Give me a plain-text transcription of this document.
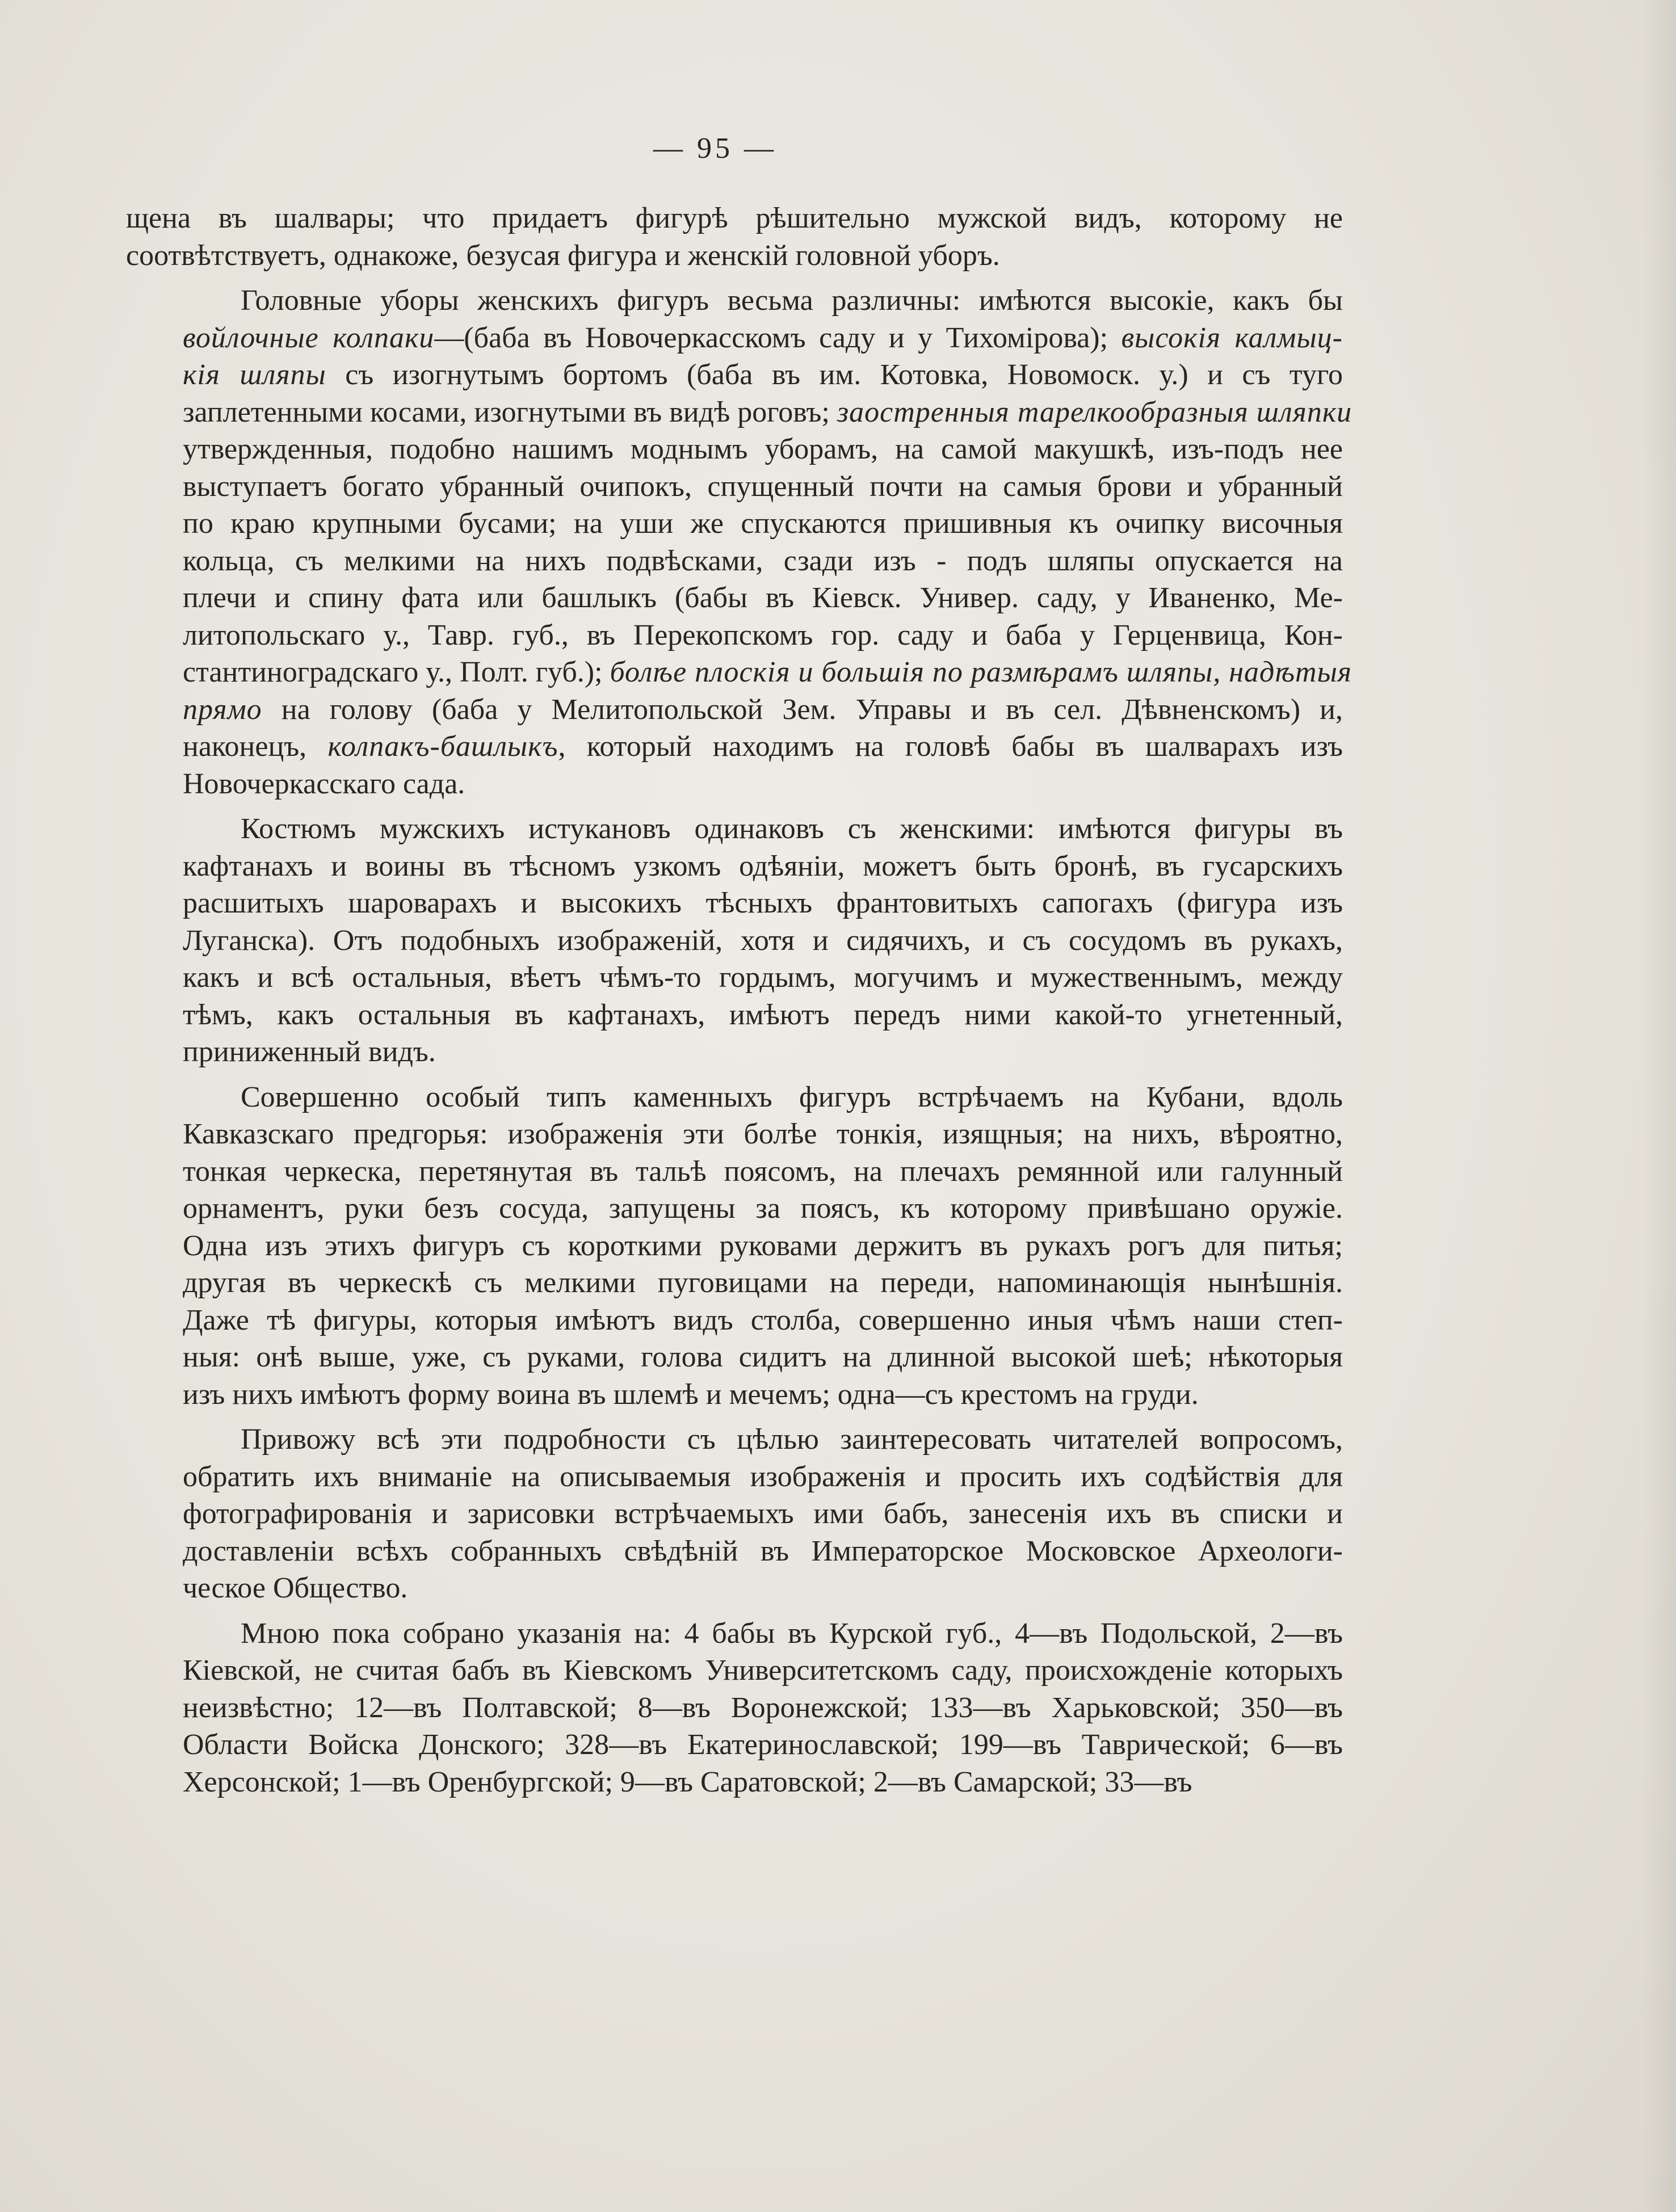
— 95 —
щена въ шалвары; что придаетъ фигурѣ рѣшительно мужской видъ, которому не
соотвѣтствуетъ, однакоже, безусая фигура и женскій головной уборъ.
Головные уборы женскихъ фигуръ весьма различны: имѣются высокіе, какъ бы
войлочные колпаки—(баба въ Новочеркасскомъ саду и у Тихомірова); высокія калмыц-
кія шляпы съ изогнутымъ бортомъ (баба въ им. Котовка, Новомоск. у.) и съ туго
заплетенными косами, изогнутыми въ видѣ роговъ; заостренныя тарелкообразныя шляпки
утвержденныя, подобно нашимъ моднымъ уборамъ, на самой макушкѣ, изъ-подъ нее
выступаетъ богато убранный очипокъ, спущенный почти на самыя брови и убранный
по краю крупными бусами; на уши же спускаются пришивныя къ очипку височныя
кольца, съ мелкими на нихъ подвѣсками, сзади изъ - подъ шляпы опускается на
плечи и спину фата или башлыкъ (бабы въ Кіевск. Унивeр. саду, у Иваненко, Ме-
литопольскаго у., Тавр. губ., въ Перекопскомъ гор. саду и баба у Герценвица, Кон-
стантиноградскаго у., Полт. губ.); болѣе плоскія и большія по размѣрамъ шляпы, надѣтыя
прямо на голову (баба у Мелитопольской Зем. Управы и въ сел. Дѣвненскомъ) и,
наконецъ, колпакъ-башлыкъ, который находимъ на головѣ бабы въ шалварахъ изъ
Новочеркасскаго сада.
Костюмъ мужскихъ истукановъ одинаковъ съ женскими: имѣются фигуры въ
кафтанахъ и воины въ тѣсномъ узкомъ одѣяніи, можетъ быть бронѣ, въ гусарскихъ
расшитыхъ шароварахъ и высокихъ тѣсныхъ франтовитыхъ сапогахъ (фигура изъ
Луганска). Отъ подобныхъ изображеній, хотя и сидячихъ, и съ сосудомъ въ рукахъ,
какъ и всѣ остальныя, вѣетъ чѣмъ-то гордымъ, могучимъ и мужественнымъ, между
тѣмъ, какъ остальныя въ кафтанахъ, имѣютъ передъ ними какой-то угнетенный,
приниженный видъ.
Совершенно особый типъ каменныхъ фигуръ встрѣчаемъ на Кубани, вдоль
Кавказскаго предгорья: изображенія эти болѣе тонкія, изящныя; на нихъ, вѣроятно,
тонкая черкеска, перетянутая въ тальѣ поясомъ, на плечахъ ремянной или галунный
орнаментъ, руки безъ сосуда, запущены за поясъ, къ которому привѣшано оружіе.
Одна изъ этихъ фигуръ съ короткими руковами держитъ въ рукахъ рогъ для питья;
другая въ черкескѣ съ мелкими пуговицами на переди, напоминающія нынѣшнія.
Даже тѣ фигуры, которыя имѣютъ видъ столба, совершенно иныя чѣмъ наши степ-
ныя: онѣ выше, уже, съ руками, голова сидитъ на длинной высокой шеѣ; нѣкоторыя
изъ нихъ имѣютъ форму воина въ шлемѣ и мечемъ; одна—съ крестомъ на груди.
Привожу всѣ эти подробности съ цѣлью заинтересовать читателей вопросомъ,
обратить ихъ вниманіе на описываемыя изображенія и просить ихъ содѣйствія для
фотографированія и зарисовки встрѣчаемыхъ ими бабъ, занесенія ихъ въ списки и
доставленіи всѣхъ собранныхъ свѣдѣній въ Императорское Московское Археологи-
ческое Общество.
Мною пока собрано указанія на: 4 бабы въ Курской губ., 4—въ Подольской, 2—въ
Кіевской, не считая бабъ въ Кіевскомъ Университетскомъ саду, происхожденіе которыхъ
неизвѣстно; 12—въ Полтавской; 8—въ Воронежской; 133—въ Харьковской; 350—въ
Области Войска Донского; 328—въ Екатеринославской; 199—въ Таврической; 6—въ
Херсонской; 1—въ Оренбургской; 9—въ Саратовской; 2—въ Самарской; 33—въ
